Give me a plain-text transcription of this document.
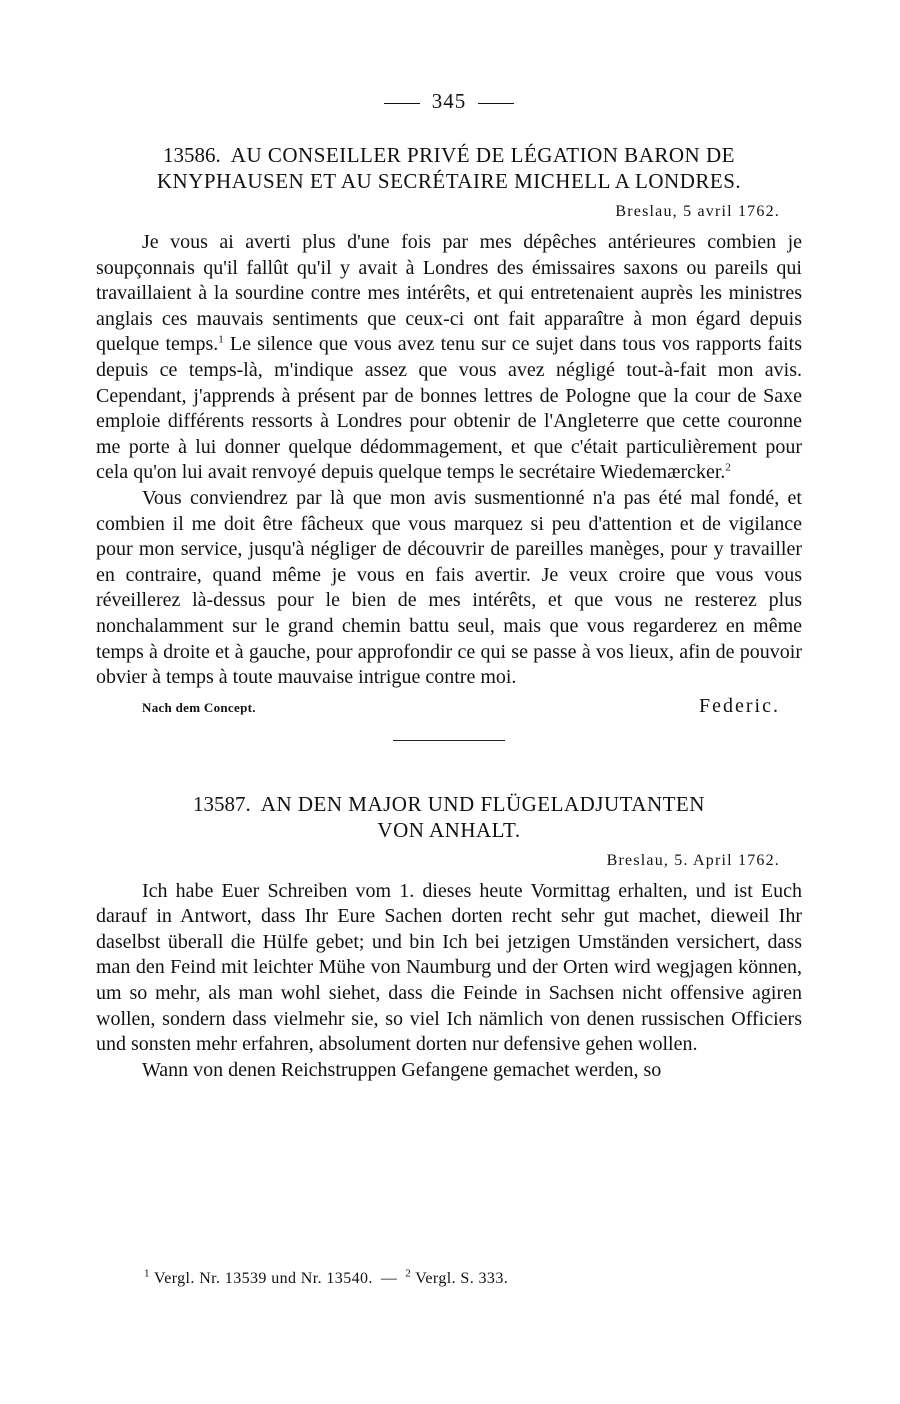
345
13586. AU CONSEILLER PRIVÉ DE LÉGATION BARON DE
KNYPHAUSEN ET AU SECRÉTAIRE MICHELL A LONDRES.
Breslau, 5 avril 1762.

Je vous ai averti plus d'une fois par mes dépêches antérieures combien je soupçonnais qu'il fallût qu'il y avait à Londres des émissaires saxons ou pareils qui travaillaient à la sourdine contre mes intérêts, et qui entretenaient auprès les ministres anglais ces mauvais sentiments que ceux-ci ont fait apparaître à mon égard depuis quelque temps.$^1$ Le silence que vous avez tenu sur ce sujet dans tous vos rapports faits depuis ce temps-là, m'indique assez que vous avez négligé tout-à-fait mon avis. Cependant, j'apprends à présent par de bonnes lettres de Pologne que la cour de Saxe emploie différents ressorts à Londres pour obtenir de l'Angleterre que cette couronne me porte à lui donner quelque dédommagement, et que c'était particulièrement pour cela qu'on lui avait renvoyé depuis quelque temps le secrétaire Wiedemærcker.$^2$

Vous conviendrez par là que mon avis susmentionné n'a pas été mal fondé, et combien il me doit être fâcheux que vous marquez si peu d'attention et de vigilance pour mon service, jusqu'à négliger de découvrir de pareilles manèges, pour y travailler en contraire, quand même je vous en fais avertir. Je veux croire que vous vous réveillerez là-dessus pour le bien de mes intérêts, et que vous ne resterez plus nonchalamment sur le grand chemin battu seul, mais que vous regarderez en même temps à droite et à gauche, pour approfondir ce qui se passe à vos lieux, afin de pouvoir obvier à temps à toute mauvaise intrigue contre moi.

Nach dem Concept.	Federic.
13587. AN DEN MAJOR UND FLÜGELADJUTANTEN
VON ANHALT.
Breslau, 5. April 1762.

Ich habe Euer Schreiben vom 1. dieses heute Vormittag erhalten, und ist Euch darauf in Antwort, dass Ihr Eure Sachen dorten recht sehr gut machet, dieweil Ihr daselbst überall die Hülfe gebet; und bin Ich bei jetzigen Umständen versichert, dass man den Feind mit leichter Mühe von Naumburg und der Orten wird wegjagen können, um so mehr, als man wohl siehet, dass die Feinde in Sachsen nicht offensive agiren wollen, sondern dass vielmehr sie, so viel Ich nämlich von denen russischen Officiers und sonsten mehr erfahren, absolument dorten nur defensive gehen wollen.

Wann von denen Reichstruppen Gefangene gemachet werden, so

$^1$ Vergl. Nr. 13539 und Nr. 13540. — $^2$ Vergl. S. 333.
